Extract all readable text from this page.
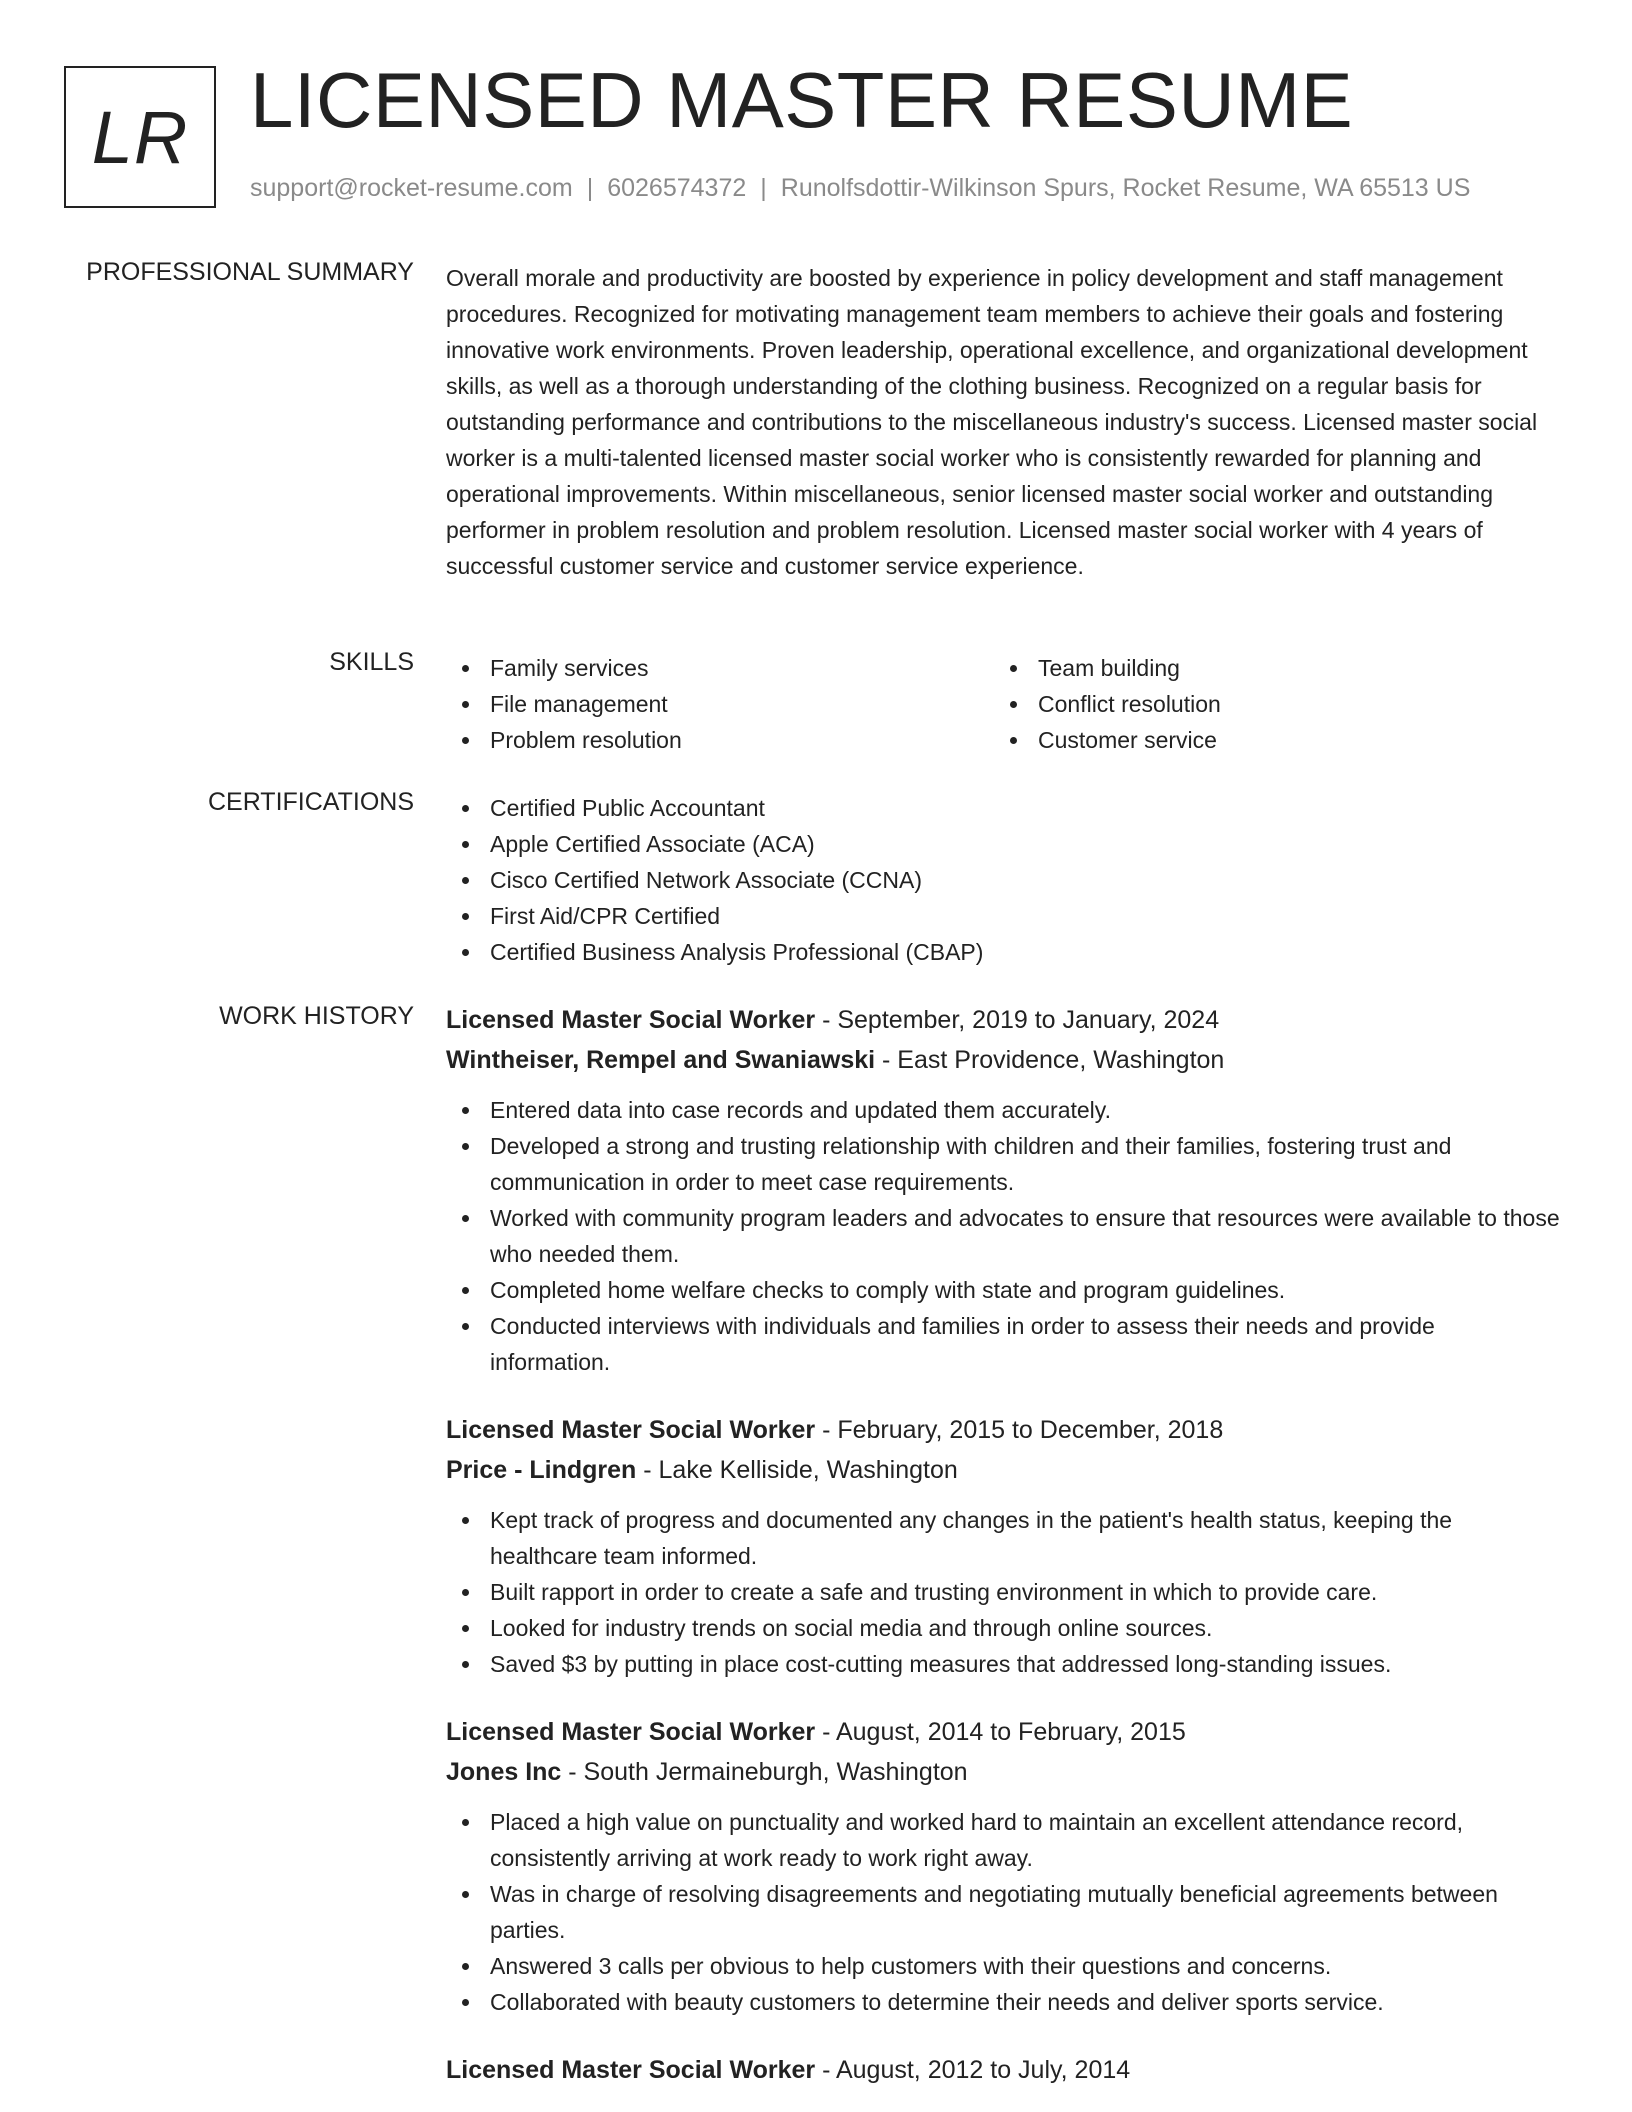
LR LICENSED MASTER RESUME
support@rocket-resume.com | 6026574372 | Runolfsdottir-Wilkinson Spurs, Rocket Resume, WA 65513 US
PROFESSIONAL SUMMARY Overall morale and productivity are boosted by experience in policy development and staff management procedures. Recognized for motivating management team members to achieve their goals and fostering innovative work environments. Proven leadership, operational excellence, and organizational development skills, as well as a thorough understanding of the clothing business. Recognized on a regular basis for outstanding performance and contributions to the miscellaneous industry's success. Licensed master social worker is a multi-talented licensed master social worker who is consistently rewarded for planning and operational improvements. Within miscellaneous, senior licensed master social worker and outstanding performer in problem resolution and problem resolution. Licensed master social worker with 4 years of successful customer service and customer service experience.
SKILLS	Family services
File management
Problem resolution
Team building
Conflict resolution
Customer service
CERTIFICATIONS	Certified Public Accountant
Apple Certified Associate (ACA)
Cisco Certified Network Associate (CCNA)
First Aid/CPR Certified
Certified Business Analysis Professional (CBAP)
WORK HISTORY Licensed Master Social Worker - September, 2019 to January, 2024
Wintheiser, Rempel and Swaniawski - East Providence, Washington
Entered data into case records and updated them accurately.
Developed a strong and trusting relationship with children and their families, fostering trust and communication in order to meet case requirements.
Worked with community program leaders and advocates to ensure that resources were available to those who needed them.
Completed home welfare checks to comply with state and program guidelines.
Conducted interviews with individuals and families in order to assess their needs and provide information.
Licensed Master Social Worker - February, 2015 to December, 2018
Price - Lindgren - Lake Kelliside, Washington
Kept track of progress and documented any changes in the patient's health status, keeping the healthcare team informed.
Built rapport in order to create a safe and trusting environment in which to provide care.
Looked for industry trends on social media and through online sources.
Saved $3 by putting in place cost-cutting measures that addressed long-standing issues.
Licensed Master Social Worker - August, 2014 to February, 2015
Jones Inc - South Jermaineburgh, Washington
Placed a high value on punctuality and worked hard to maintain an excellent attendance record, consistently arriving at work ready to work right away.
Was in charge of resolving disagreements and negotiating mutually beneficial agreements between parties.
Answered 3 calls per obvious to help customers with their questions and concerns.
Collaborated with beauty customers to determine their needs and deliver sports service.
Licensed Master Social Worker - August, 2012 to July, 2014
